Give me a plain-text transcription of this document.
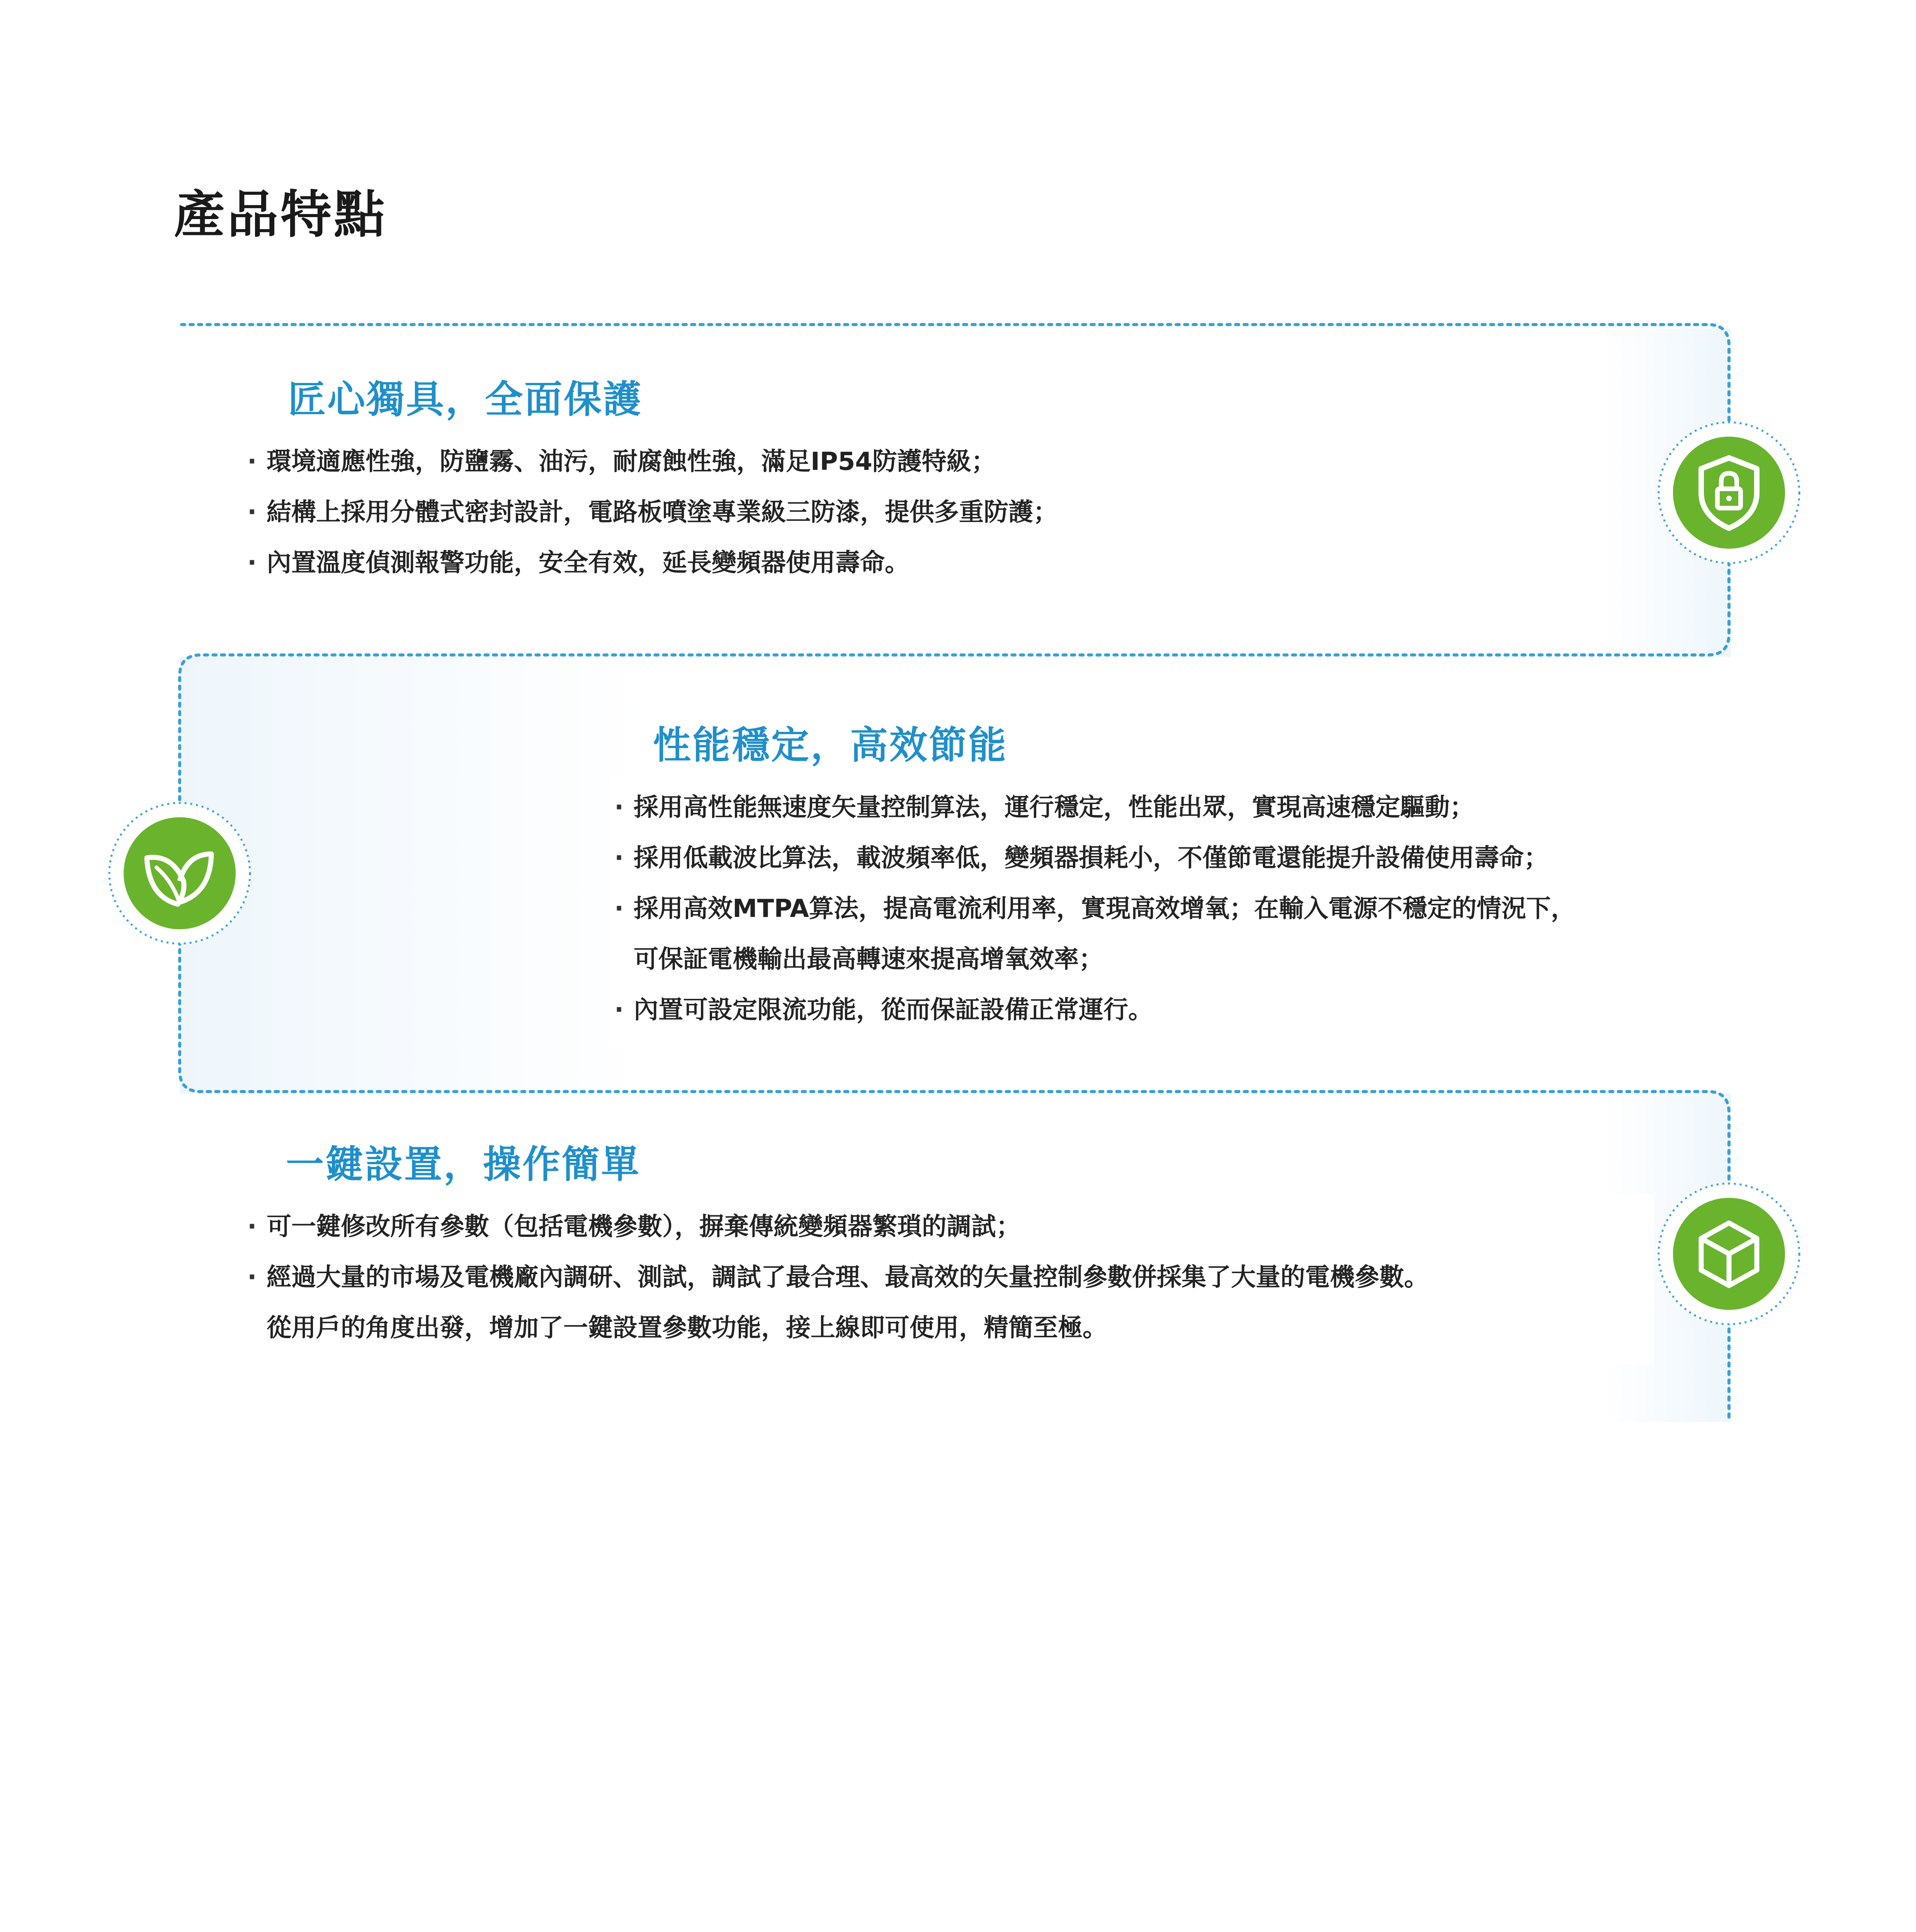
產品特點
匠心獨具，全面保護
· 環境適應性強，防鹽霧、油污，耐腐蝕性強，滿足IP54防護特級；
· 結構上採用分體式密封設計，電路板噴塗專業級三防漆，提供多重防護；
· 內置溫度偵測報警功能，安全有效，延長變頻器使用壽命。
性能穩定，高效節能
· 採用高性能無速度矢量控制算法，運行穩定，性能出眾，實現高速穩定驅動；
· 採用低載波比算法，載波頻率低，變頻器損耗小，不僅節電還能提升設備使用壽命；
· 採用高效MTPA算法，提高電流利用率，實現高效增氧；在輸入電源不穩定的情況下，
可保証電機輸出最高轉速來提高增氧效率；
· 內置可設定限流功能，從而保証設備正常運行。
一鍵設置，操作簡單
· 可一鍵修改所有參數（包括電機參數），摒棄傳統變頻器繁瑣的調試；
· 經過大量的市場及電機廠內調研、測試，調試了最合理、最高效的矢量控制參數併採集了大量的電機參數。
從用戶的角度出發，增加了一鍵設置參數功能，接上線即可使用，精簡至極。
